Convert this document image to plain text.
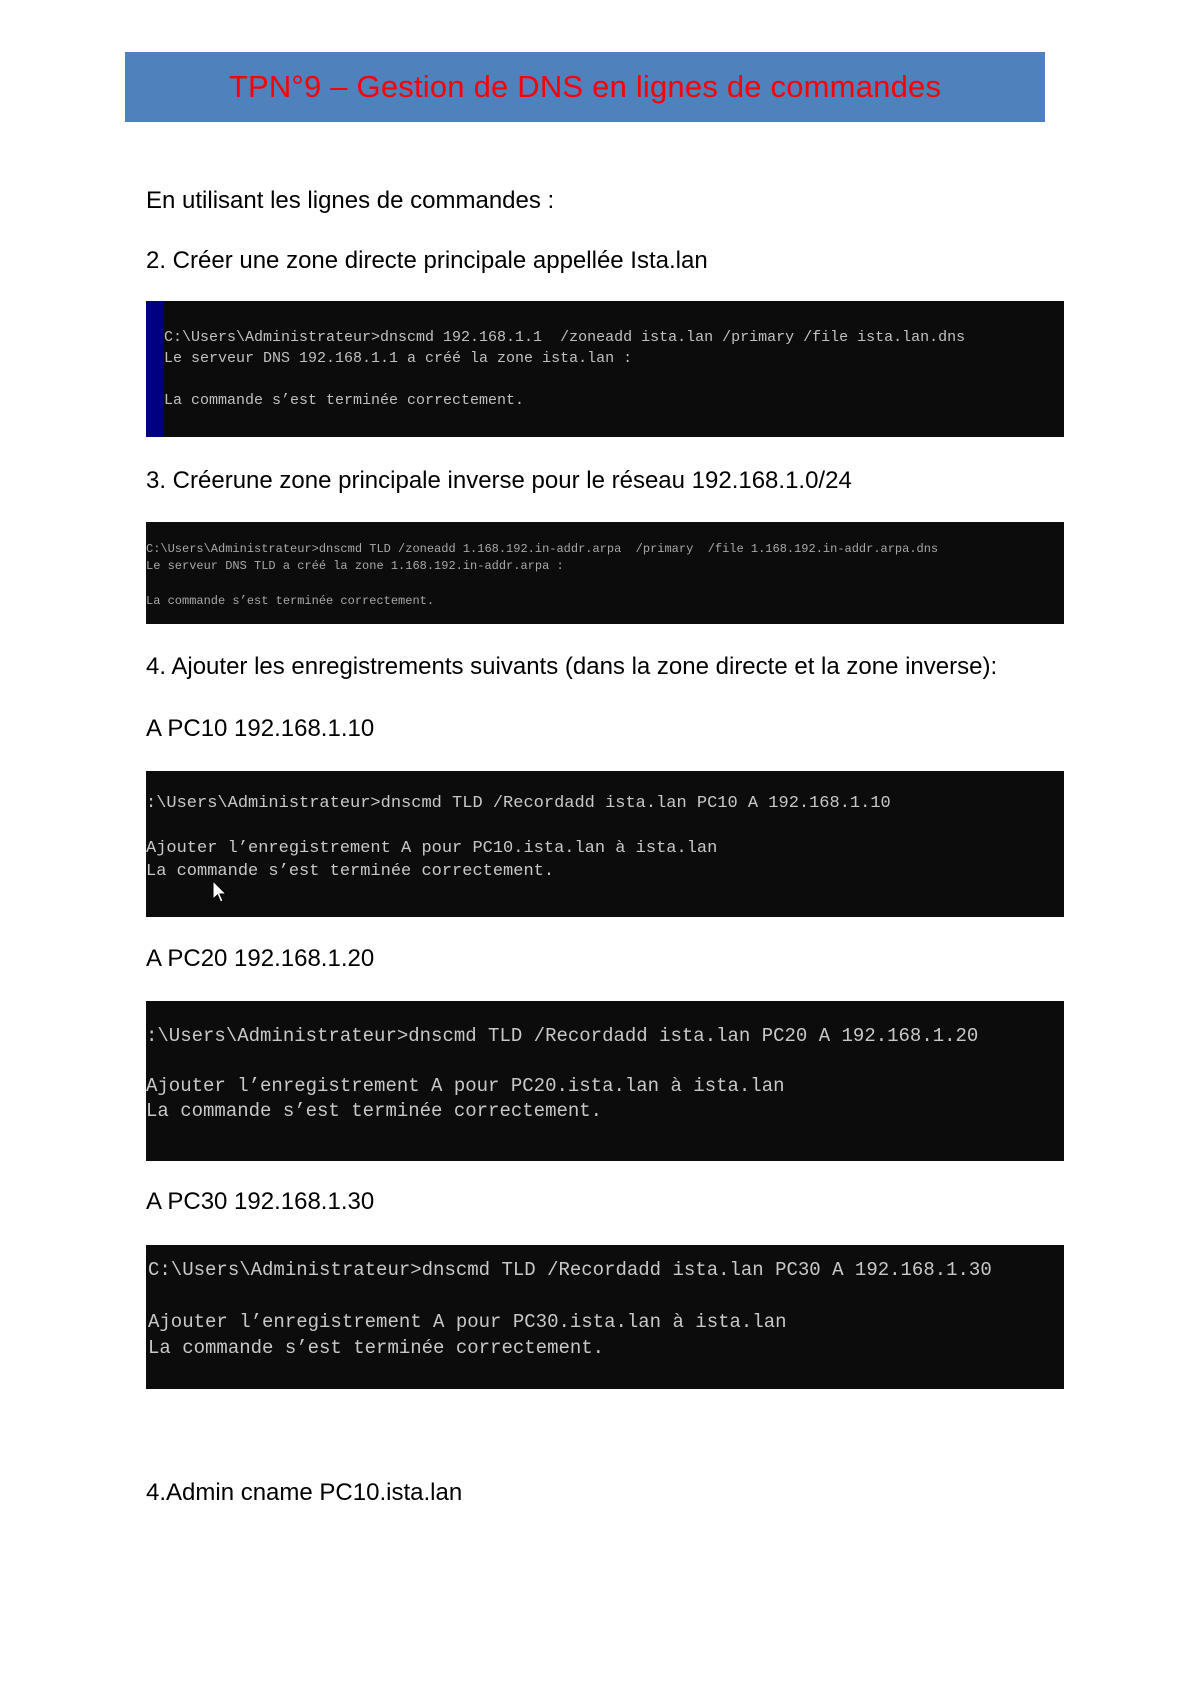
TPN°9 – Gestion de DNS en lignes de commandes
En utilisant les lignes de commandes :
2. Créer une zone directe principale appellée Ista.lan
C:\Users\Administrateur>dnscmd 192.168.1.1  /zoneadd ista.lan /primary /file ista.lan.dns
Le serveur DNS 192.168.1.1 a créé la zone ista.lan :
La commande s’est terminée correctement.
3. Créerune zone principale inverse pour le réseau 192.168.1.0/24
C:\Users\Administrateur>dnscmd TLD /zoneadd 1.168.192.in-addr.arpa  /primary  /file 1.168.192.in-addr.arpa.dns
Le serveur DNS TLD a créé la zone 1.168.192.in-addr.arpa :
La commande s’est terminée correctement.
4. Ajouter les enregistrements suivants (dans la zone directe et la zone inverse):
A PC10 192.168.1.10
:\Users\Administrateur>dnscmd TLD /Recordadd ista.lan PC10 A 192.168.1.10
Ajouter l’enregistrement A pour PC10.ista.lan à ista.lan
La commande s’est terminée correctement.
A PC20 192.168.1.20
:\Users\Administrateur>dnscmd TLD /Recordadd ista.lan PC20 A 192.168.1.20
Ajouter l’enregistrement A pour PC20.ista.lan à ista.lan
La commande s’est terminée correctement.
A PC30 192.168.1.30
C:\Users\Administrateur>dnscmd TLD /Recordadd ista.lan PC30 A 192.168.1.30
Ajouter l’enregistrement A pour PC30.ista.lan à ista.lan
La commande s’est terminée correctement.
4.Admin cname PC10.ista.lan
